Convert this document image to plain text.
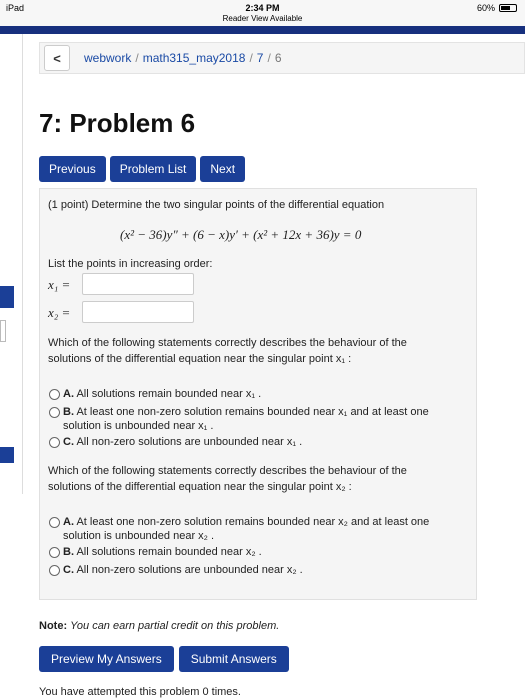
iPad	2:34 PM
Reader View Available
60%
<	webwork / math315_may2018 / 7 / 6
7: Problem 6
Previous	Problem List	Next
(1 point) Determine the two singular points of the differential equation
(x² − 36)y″ + (6 − x)y′ + (x² + 12x + 36)y = 0
List the points in increasing order:
x₁ =
x₂ =
Which of the following statements correctly describes the behaviour of the
solutions of the differential equation near the singular point x₁ :
A. All solutions remain bounded near x₁ .
B. At least one non-zero solution remains bounded near x₁ and at least one
solution is unbounded near x₁ .
C. All non-zero solutions are unbounded near x₁ .
Which of the following statements correctly describes the behaviour of the
solutions of the differential equation near the singular point x₂ :
A. At least one non-zero solution remains bounded near x₂ and at least one
solution is unbounded near x₂ .
B. All solutions remain bounded near x₂ .
C. All non-zero solutions are unbounded near x₂ .
Note: You can earn partial credit on this problem.
Preview My Answers	Submit Answers
You have attempted this problem 0 times.
